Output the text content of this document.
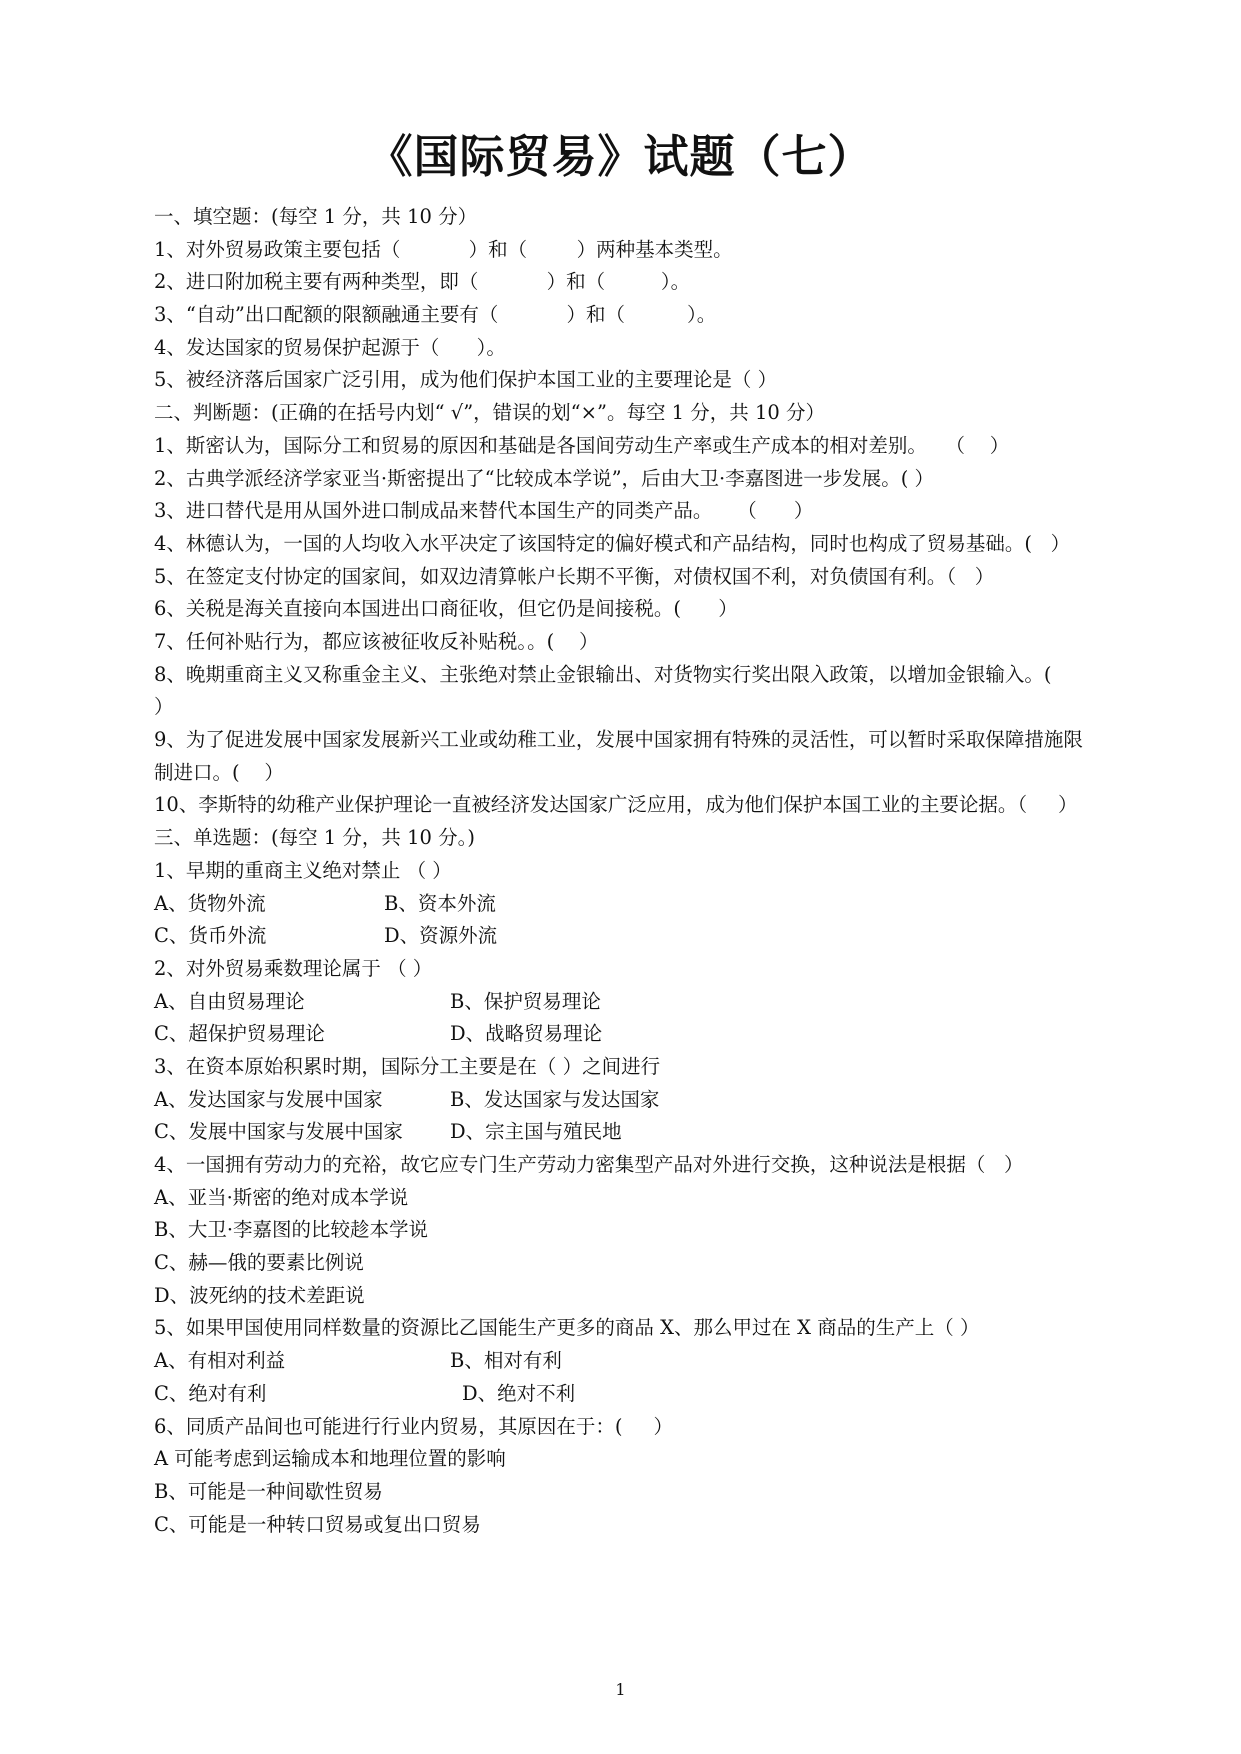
《国际贸易》试题（七）
一、填空题：(每空 1 分，共 10 分）
1、对外贸易政策主要包括（           ）和（        ）两种基本类型。
2、进口附加税主要有两种类型，即（           ）和（         ）。
3、“自动”出口配额的限额融通主要有（           ）和（          ）。
4、发达国家的贸易保护起源于（      ）。
5、被经济落后国家广泛引用，成为他们保护本国工业的主要理论是（ ）
二、判断题：(正确的在括号内划“ √”，错误的划“×”。每空 1 分，共 10 分）
1、斯密认为，国际分工和贸易的原因和基础是各国间劳动生产率或生产成本的相对差别。   （    ）
2、古典学派经济学家亚当·斯密提出了“比较成本学说”，后由大卫·李嘉图进一步发展。( ）
3、进口替代是用从国外进口制成品来替代本国生产的同类产品。    （      ）
4、林德认为，一国的人均收入水平决定了该国特定的偏好模式和产品结构，同时也构成了贸易基础。(   ）
5、在签定支付协定的国家间，如双边清算帐户长期不平衡，对债权国不利，对负债国有利。（   ）
6、关税是海关直接向本国进出口商征收，但它仍是间接税。(      ）
7、任何补贴行为，都应该被征收反补贴税。。(    ）
8、晚期重商主义又称重金主义、主张绝对禁止金银输出、对货物实行奖出限入政策，以增加金银输入。(      ）
9、为了促进发展中国家发展新兴工业或幼稚工业，发展中国家拥有特殊的灵活性，可以暂时采取保障措施限制进口。(    ）
10、李斯特的幼稚产业保护理论一直被经济发达国家广泛应用，成为他们保护本国工业的主要论据。（     ）
三、单选题：(每空 1 分，共 10 分。)
1、早期的重商主义绝对禁止 （ ）
A、货物外流	B、资本外流
C、货币外流	D、资源外流
2、对外贸易乘数理论属于 （ ）
A、自由贸易理论	B、保护贸易理论
C、超保护贸易理论	D、战略贸易理论
3、在资本原始积累时期，国际分工主要是在（ ）之间进行
A、发达国家与发展中国家	B、发达国家与发达国家
C、发展中国家与发展中国家	D、宗主国与殖民地
4、一国拥有劳动力的充裕，故它应专门生产劳动力密集型产品对外进行交换，这种说法是根据（   ）
A、亚当·斯密的绝对成本学说
B、大卫·李嘉图的比较趁本学说
C、赫—俄的要素比例说
D、波死纳的技术差距说
5、如果甲国使用同样数量的资源比乙国能生产更多的商品 X、那么甲过在 X 商品的生产上（ ）
A、有相对利益	B、相对有利
C、绝对有利	D、绝对不利
6、同质产品间也可能进行行业内贸易，其原因在于：(     ）
A 可能考虑到运输成本和地理位置的影响
B、可能是一种间歇性贸易
C、可能是一种转口贸易或复出口贸易
1
